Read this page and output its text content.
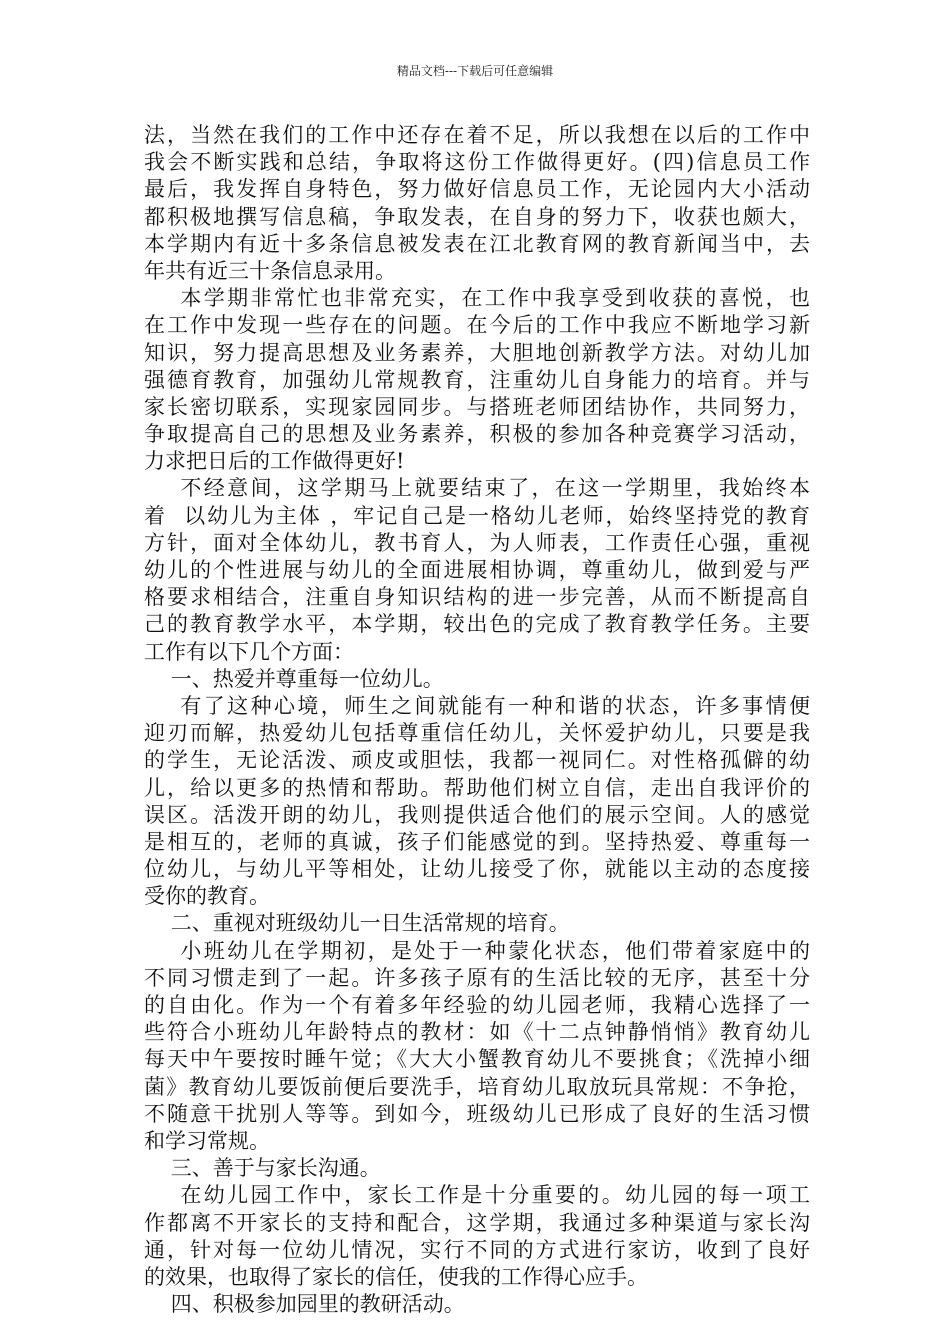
精品文档---下载后可任意编辑
法，当然在我们的工作中还存在着不足，所以我想在以后的工作中
我会不断实践和总结，争取将这份工作做得更好。(四)信息员工作
最后，我发挥自身特色，努力做好信息员工作，无论园内大小活动
都积极地撰写信息稿，争取发表，在自身的努力下，收获也颇大，
本学期内有近十多条信息被发表在江北教育网的教育新闻当中，去
年共有近三十条信息录用。
本学期非常忙也非常充实，在工作中我享受到收获的喜悦，也
在工作中发现一些存在的问题。在今后的工作中我应不断地学习新
知识，努力提高思想及业务素养，大胆地创新教学方法。对幼儿加
强德育教育，加强幼儿常规教育，注重幼儿自身能力的培育。并与
家长密切联系，实现家园同步。与搭班老师团结协作，共同努力，
争取提高自己的思想及业务素养，积极的参加各种竞赛学习活动，
力求把日后的工作做得更好!
不经意间，这学期马上就要结束了，在这一学期里，我始终本
着  以幼儿为主体 ，牢记自己是一格幼儿老师，始终坚持党的教育
方针，面对全体幼儿，教书育人，为人师表，工作责任心强，重视
幼儿的个性进展与幼儿的全面进展相协调，尊重幼儿，做到爱与严
格要求相结合，注重自身知识结构的进一步完善，从而不断提高自
己的教育教学水平，本学期，较出色的完成了教育教学任务。主要
工作有以下几个方面：
一、热爱并尊重每一位幼儿。
有了这种心境，师生之间就能有一种和谐的状态，许多事情便
迎刃而解，热爱幼儿包括尊重信任幼儿，关怀爱护幼儿，只要是我
的学生，无论活泼、顽皮或胆怯，我都一视同仁。对性格孤僻的幼
儿，给以更多的热情和帮助。帮助他们树立自信，走出自我评价的
误区。活泼开朗的幼儿，我则提供适合他们的展示空间。人的感觉
是相互的，老师的真诚，孩子们能感觉的到。坚持热爱、尊重每一
位幼儿，与幼儿平等相处，让幼儿接受了你，就能以主动的态度接
受你的教育。
二、重视对班级幼儿一日生活常规的培育。
小班幼儿在学期初，是处于一种蒙化状态，他们带着家庭中的
不同习惯走到了一起。许多孩子原有的生活比较的无序，甚至十分
的自由化。作为一个有着多年经验的幼儿园老师，我精心选择了一
些符合小班幼儿年龄特点的教材：如《十二点钟静悄悄》教育幼儿
每天中午要按时睡午觉；《大大小蟹教育幼儿不要挑食；《洗掉小细
菌》教育幼儿要饭前便后要洗手，培育幼儿取放玩具常规：不争抢，
不随意干扰别人等等。到如今，班级幼儿已形成了良好的生活习惯
和学习常规。
三、善于与家长沟通。
在幼儿园工作中，家长工作是十分重要的。幼儿园的每一项工
作都离不开家长的支持和配合，这学期，我通过多种渠道与家长沟
通，针对每一位幼儿情况，实行不同的方式进行家访，收到了良好
的效果，也取得了家长的信任，使我的工作得心应手。
四、积极参加园里的教研活动。
